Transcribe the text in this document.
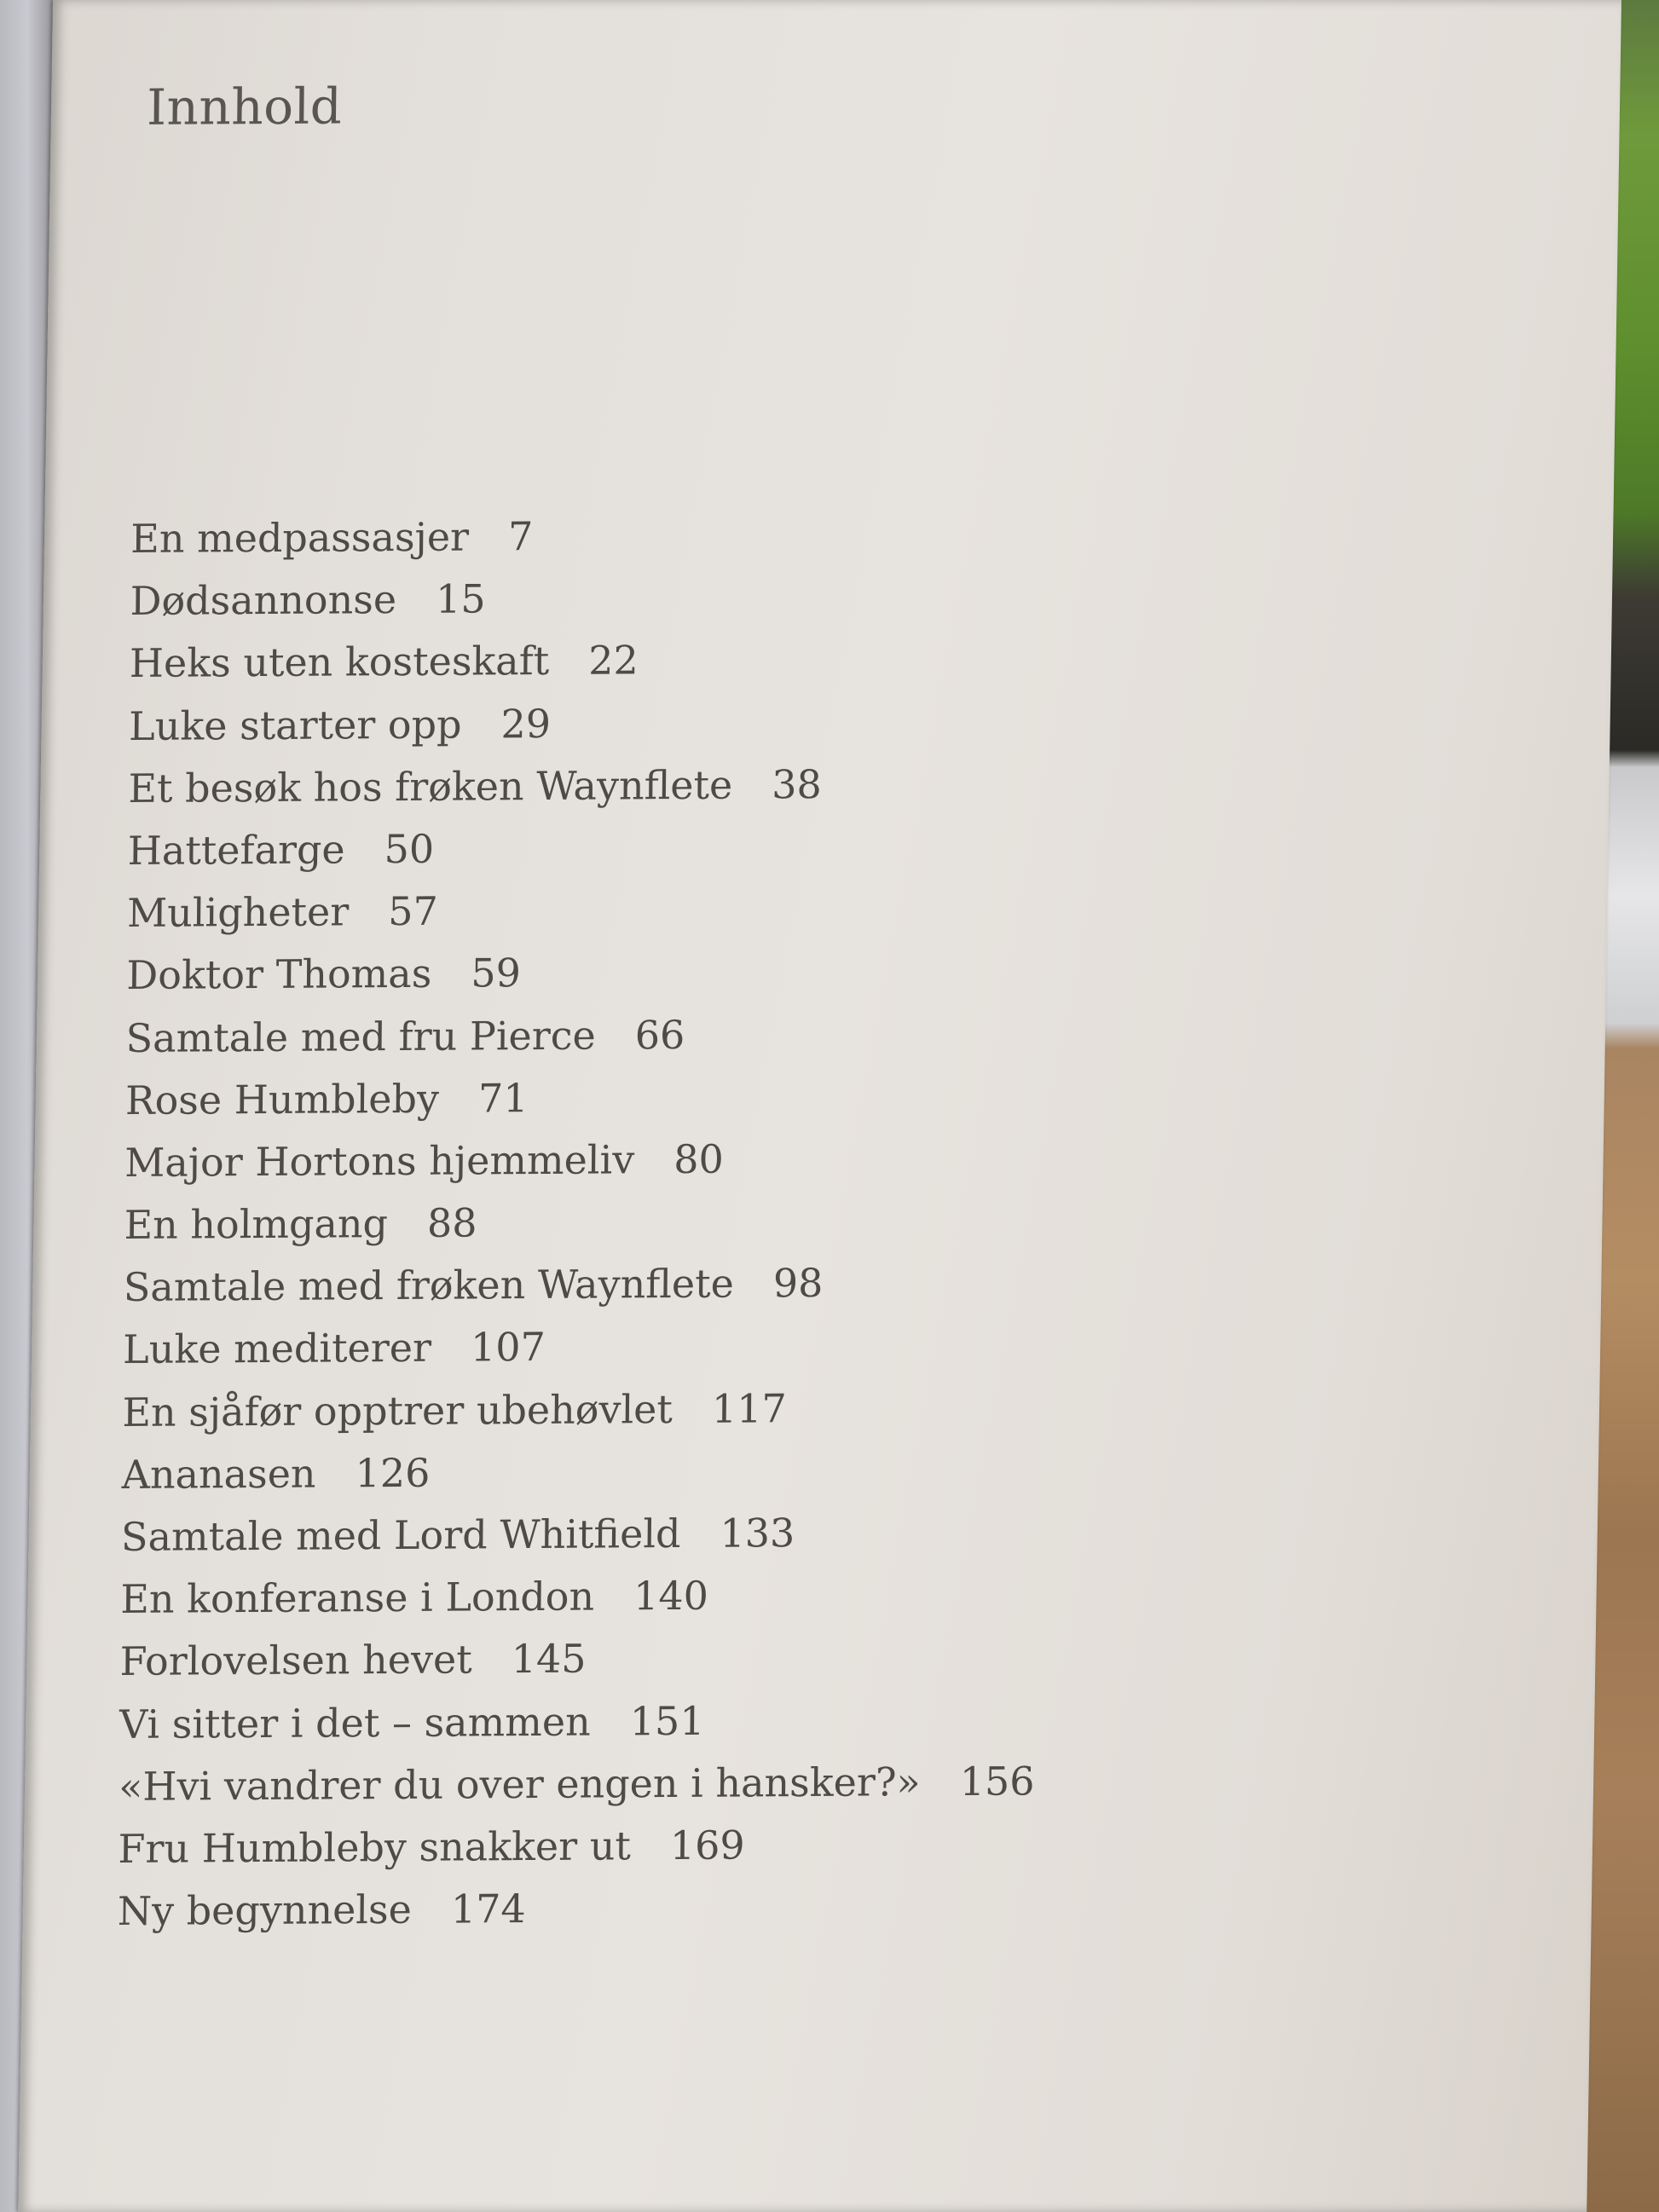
Innhold
En medpassasjer 7
Dødsannonse 15
Heks uten kosteskaft 22
Luke starter opp 29
Et besøk hos frøken Waynflete 38
Hattefarge 50
Muligheter 57
Doktor Thomas 59
Samtale med fru Pierce 66
Rose Humbleby 71
Major Hortons hjemmeliv 80
En holmgang 88
Samtale med frøken Waynflete 98
Luke mediterer 107
En sjåfør opptrer ubehøvlet 117
Ananasen 126
Samtale med Lord Whitfield 133
En konferanse i London 140
Forlovelsen hevet 145
Vi sitter i det – sammen 151
«Hvi vandrer du over engen i hansker?» 156
Fru Humbleby snakker ut 169
Ny begynnelse 174
